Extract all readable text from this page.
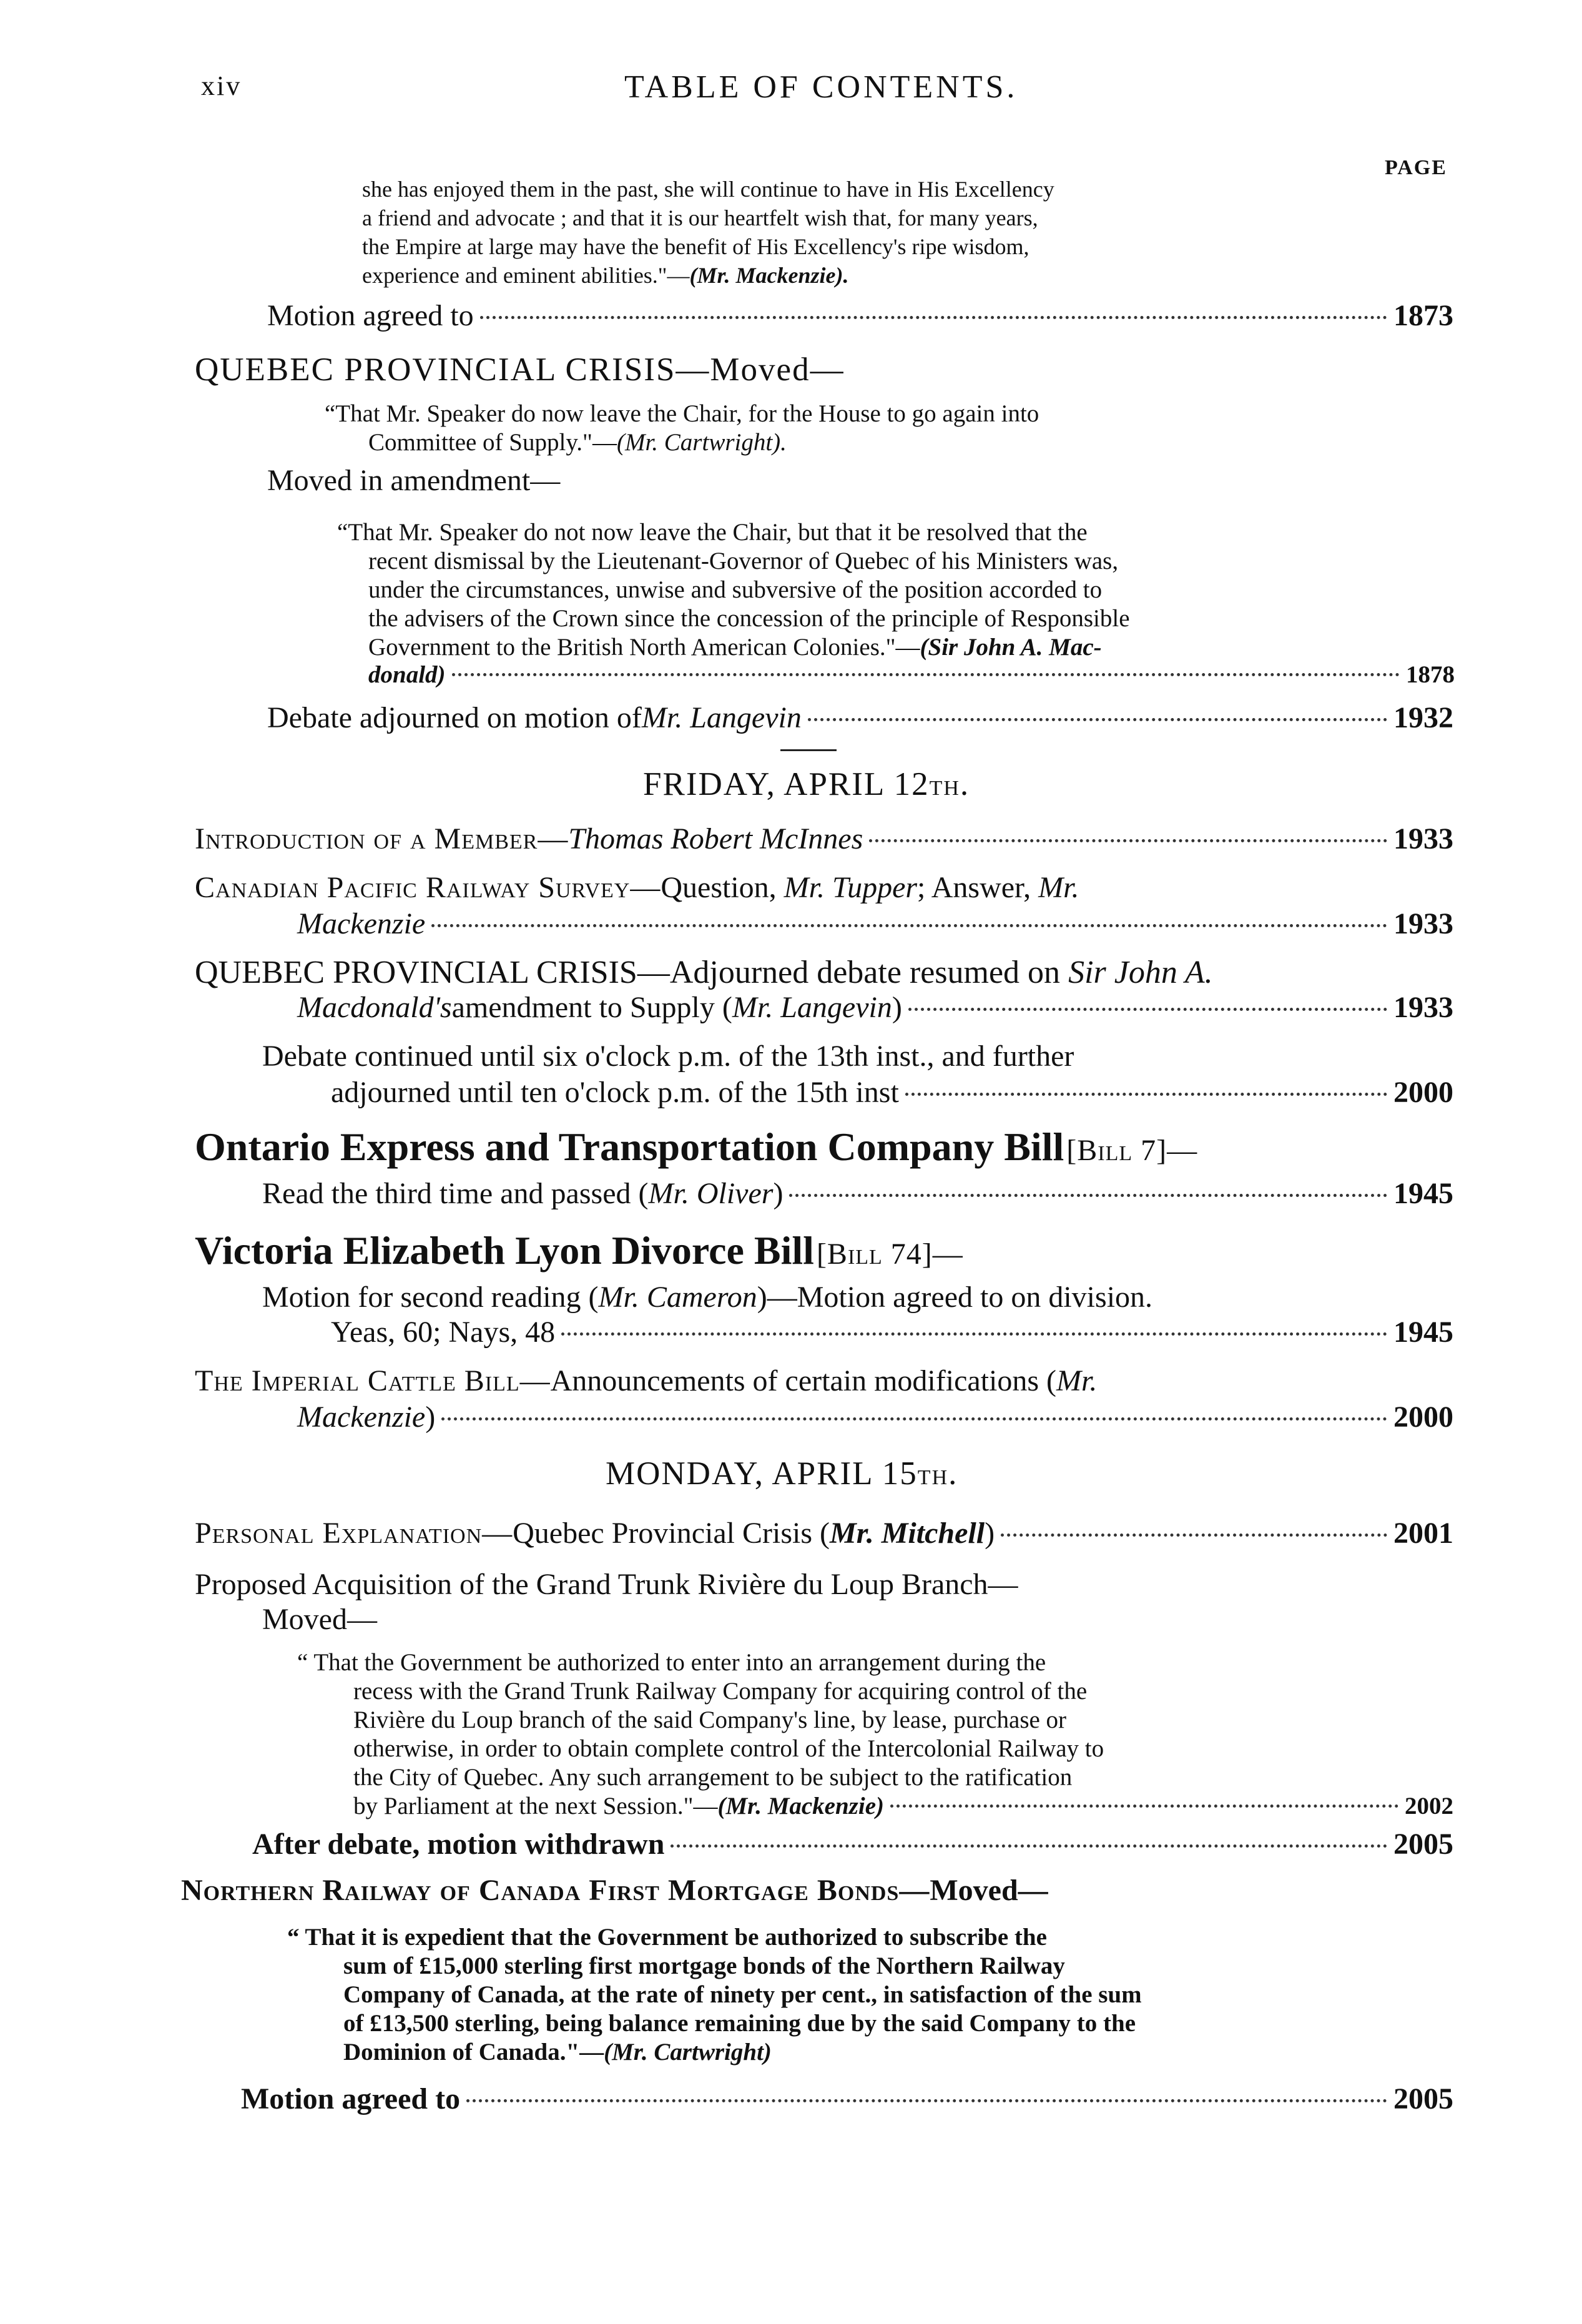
xiv	TABLE OF CONTENTS.
PAGE
she has enjoyed them in the past, she will continue to have in His Excellency
a friend and advocate ; and that it is our heartfelt wish that, for many years,
the Empire at large may have the benefit of His Excellency's ripe wisdom,
experience and eminent abilities."—(Mr. Mackenzie).
Motion agreed to	1873
QUEBEC PROVINCIAL CRISIS—Moved—
“That Mr. Speaker do now leave the Chair, for the House to go again into
Committee of Supply."—(Mr. Cartwright).
Moved in amendment—
“That Mr. Speaker do not now leave the Chair, but that it be resolved that the
recent dismissal by the Lieutenant-Governor of Quebec of his Ministers was,
under the circumstances, unwise and subversive of the position accorded to
the advisers of the Crown since the concession of the principle of Responsible
Government to the British North American Colonies."—(Sir John A. Mac-
donald)	1878
Debate adjourned on motion of Mr. Langevin	1932
FRIDAY, APRIL 12TH.
Introduction of a Member— Thomas Robert McInnes	1933
Canadian Pacific Railway Survey—Question, Mr. Tupper; Answer, Mr.
Mackenzie	1933
QUEBEC PROVINCIAL CRISIS—Adjourned debate resumed on Sir John A.
Macdonald's amendment to Supply ( Mr. Langevin )	1933
Debate continued until six o'clock p.m. of the 13th inst., and further
adjourned until ten o'clock p.m. of the 15th inst	2000
Ontario Express and Transportation Company Bill [Bill 7]—
Read the third time and passed ( Mr. Oliver )	1945
Victoria Elizabeth Lyon Divorce Bill [Bill 74]—
Motion for second reading (Mr. Cameron)—Motion agreed to on division.
Yeas, 60; Nays, 48	1945
The Imperial Cattle Bill—Announcements of certain modifications (Mr.
Mackenzie )	2000
MONDAY, APRIL 15TH.
Personal Explanation— Quebec Provincial Crisis ( Mr. Mitchell )	2001
Proposed Acquisition of the Grand Trunk Rivière du Loup Branch—
Moved—
“ That the Government be authorized to enter into an arrangement during the
recess with the Grand Trunk Railway Company for acquiring control of the
Rivière du Loup branch of the said Company's line, by lease, purchase or
otherwise, in order to obtain complete control of the Intercolonial Railway to
the City of Quebec. Any such arrangement to be subject to the ratification
by Parliament at the next Session."— (Mr. Mackenzie)	2002
After debate, motion withdrawn	2005
Northern Railway of Canada First Mortgage Bonds—Moved—
“ That it is expedient that the Government be authorized to subscribe the
sum of £15,000 sterling first mortgage bonds of the Northern Railway
Company of Canada, at the rate of ninety per cent., in satisfaction of the sum
of £13,500 sterling, being balance remaining due by the said Company to the
Dominion of Canada."—(Mr. Cartwright)
Motion agreed to	2005
